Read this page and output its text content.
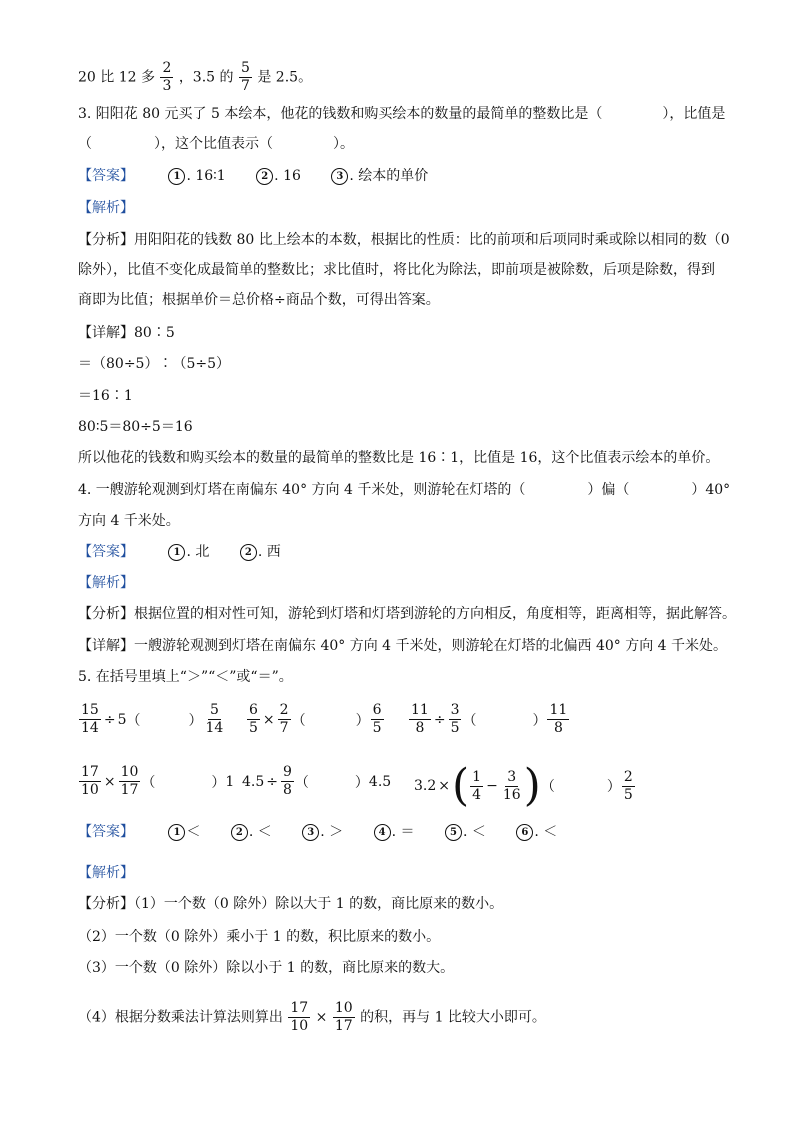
20 比 12 多 $\frac{2}{3}$ ，3.5 的 $\frac{5}{7}$ 是 2.5。
3. 阳阳花 80 元买了 5 本绘本，他花的钱数和购买绘本的数量的最简单的整数比是（	），比值是
（	），这个比值表示（	）。
【答案】	1 . 16∶1	2 . 16	3 . 绘本的单价
【解析】
【分析】用阳阳花的钱数 80 比上绘本的本数，根据比的性质：比的前项和后项同时乘或除以相同的数（0
除外），比值不变化成最简单的整数比；求比值时，将比化为除法，即前项是被除数，后项是除数，得到
商即为比值；根据单价＝总价格÷商品个数，可得出答案。
【详解】80∶5
＝（80÷5）∶（5÷5）
＝16∶1
80∶5＝80÷5＝16
所以他花的钱数和购买绘本的数量的最简单的整数比是 16∶1，比值是 16，这个比值表示绘本的单价。
4. 一艘游轮观测到灯塔在南偏东 40° 方向 4 千米处，则游轮在灯塔的（	）偏（	）40°
方向 4 千米处。
【答案】	1 . 北	2 . 西
【解析】
【分析】根据位置的相对性可知，游轮到灯塔和灯塔到游轮的方向相反，角度相等，距离相等，据此解答。
【详解】一艘游轮观测到灯塔在南偏东 40° 方向 4 千米处，则游轮在灯塔的北偏西 40° 方向 4 千米处。
5. 在括号里填上“＞”“＜”或“＝”。
$\frac{15}{14} \div 5$ （	） $\frac{5}{14} \frac{6}{5} \times \frac{2}{7}$ （	） $\frac{6}{5} \frac{11}{8} \div \frac{3}{5}$ （	） $\frac{11}{8}$
$\frac{17}{10} \times \frac{10}{17}$ （	） 1 $4.5 \div \frac{9}{8}$ （	） 4.5 3.2 × ( $\frac{1}{4} - \frac{3}{16}$ ) （	） $\frac{2}{5}$
【答案】	1 ＜	2 . ＜	3 . ＞	4 . ＝	5 . ＜	6 . ＜
【解析】
【分析】（1）一个数（0 除外）除以大于 1 的数，商比原来的数小。
（2）一个数（0 除外）乘小于 1 的数，积比原来的数小。
（3）一个数（0 除外）除以小于 1 的数，商比原来的数大。
（4）根据分数乘法计算法则算出 $\frac{17}{10} \times \frac{10}{17}$ 的积，再与 1 比较大小即可。
